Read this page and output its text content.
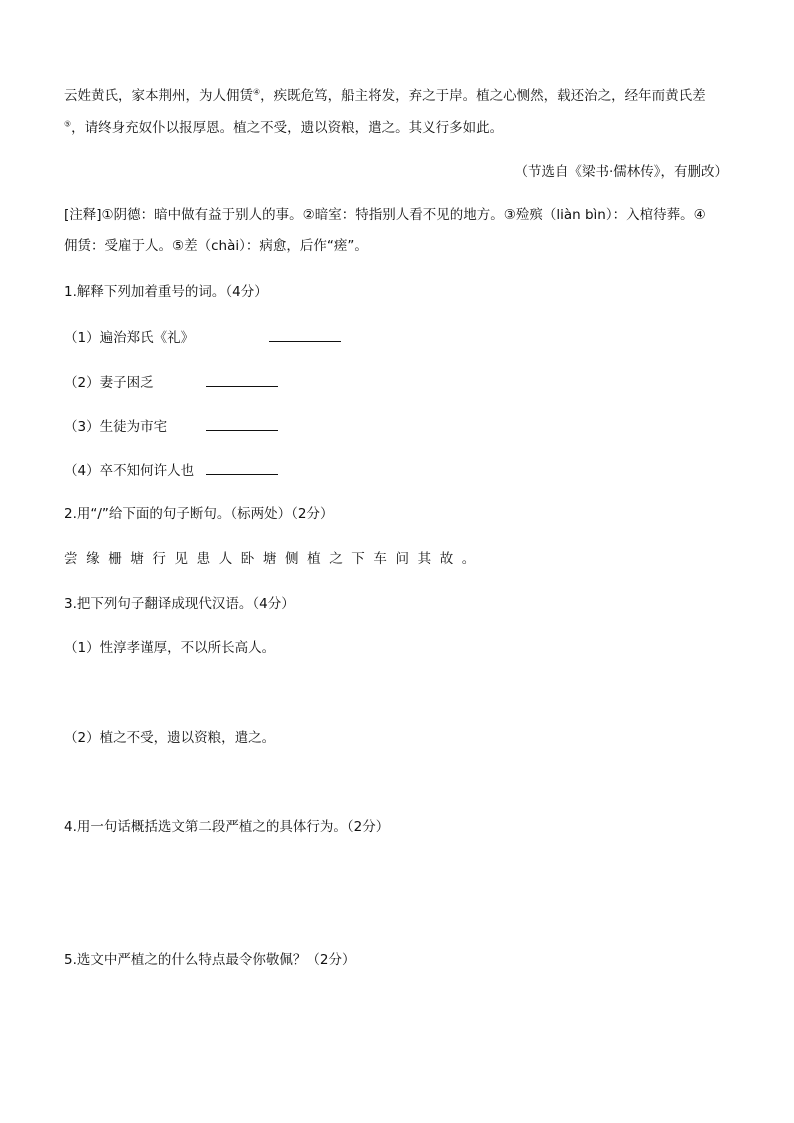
云姓黄氏，家本荆州，为人佣赁④，疾既危笃，船主将发，弃之于岸。植之心恻然，载还治之，经年而黄氏差
⑤，请终身充奴仆以报厚恩。植之不受，遗以资粮，遣之。其义行多如此。
（节选自《梁书·儒林传》，有删改）
[注释]①阴德：暗中做有益于别人的事。②暗室：特指别人看不见的地方。③殓殡（liàn bìn）：入棺待葬。④
佣赁：受雇于人。⑤差（chài）：病愈，后作“瘥”。
1.解释下列加着重号的词。（4分）
（1）遍治郑氏《礼》
（2）妻子困乏
（3）生徒为市宅
（4）卒不知何许人也
2.用“/”给下面的句子断句。（标两处）（2分）
尝缘栅塘行见患人卧塘侧植之下车问其故。
3.把下列句子翻译成现代汉语。（4分）
（1）性淳孝谨厚，不以所长高人。
（2）植之不受，遗以资粮，遣之。
4.用一句话概括选文第二段严植之的具体行为。（2分）
5.选文中严植之的什么特点最令你敬佩？（2分）
